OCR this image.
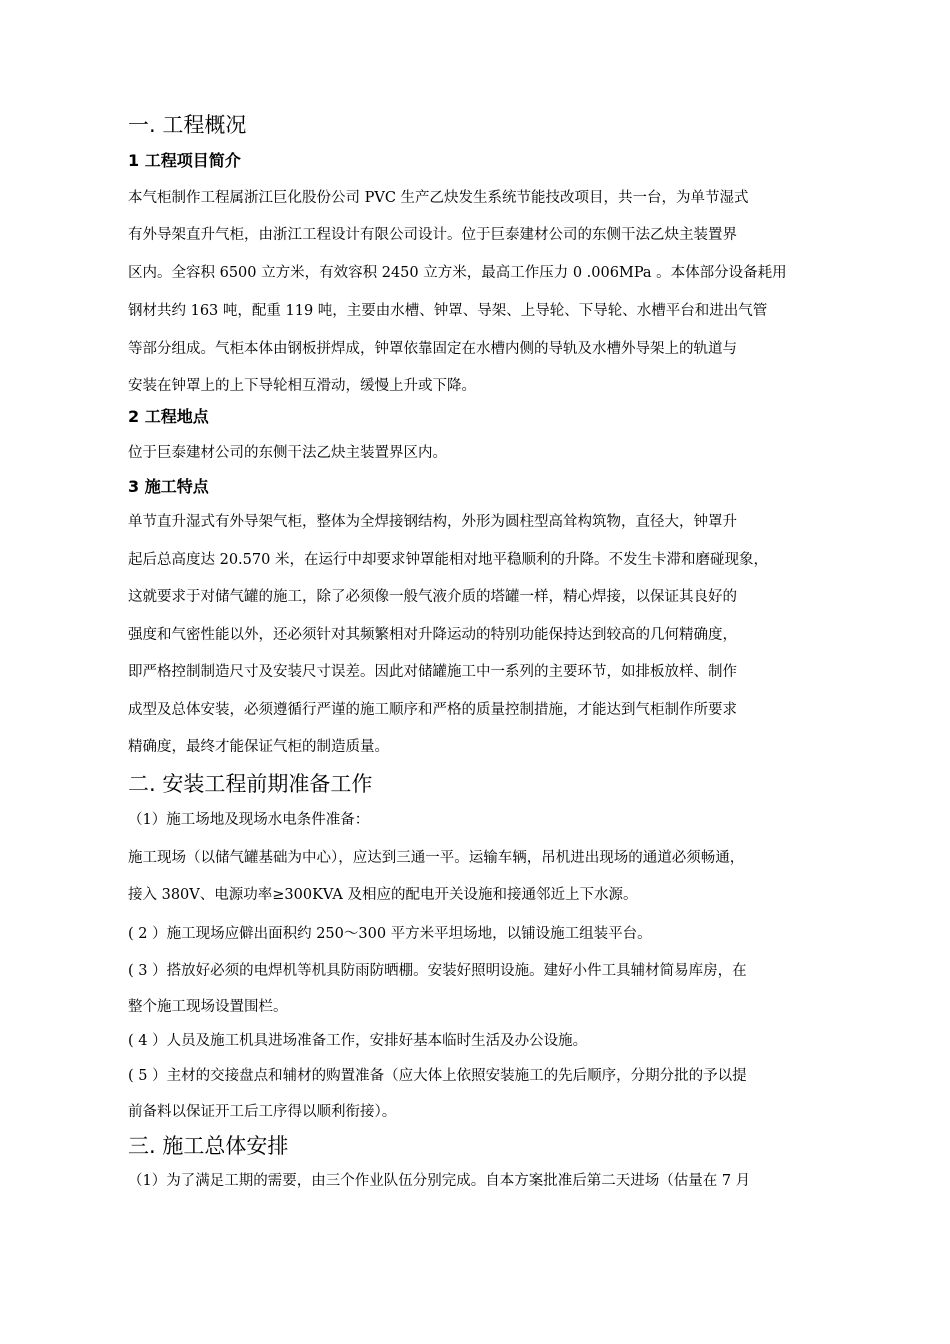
一. 工程概况
1 工程项目简介
本气柜制作工程属浙江巨化股份公司 PVC 生产乙炔发生系统节能技改项目，共一台，为单节湿式
有外导架直升气柜，由浙江工程设计有限公司设计。位于巨泰建材公司的东侧干法乙炔主装置界
区内。全容积 6500 立方米，有效容积 2450 立方米，最高工作压力 0 .006MPa 。本体部分设备耗用
钢材共约 163 吨，配重 119 吨，主要由水槽、钟罩、导架、上导轮、下导轮、水槽平台和进出气管
等部分组成。气柜本体由钢板拼焊成，钟罩依靠固定在水槽内侧的导轨及水槽外导架上的轨道与
安装在钟罩上的上下导轮相互滑动，缓慢上升或下降。
2 工程地点
位于巨泰建材公司的东侧干法乙炔主装置界区内。
3 施工特点
单节直升湿式有外导架气柜，整体为全焊接钢结构，外形为圆柱型高耸构筑物，直径大，钟罩升
起后总高度达 20.570 米，在运行中却要求钟罩能相对地平稳顺利的升降。不发生卡滞和磨碰现象，
这就要求于对储气罐的施工，除了必须像一般气液介质的塔罐一样，精心焊接，以保证其良好的
强度和气密性能以外，还必须针对其频繁相对升降运动的特别功能保持达到较高的几何精确度，
即严格控制制造尺寸及安装尺寸误差。因此对储罐施工中一系列的主要环节，如排板放样、制作
成型及总体安装，必须遵循行严谨的施工顺序和严格的质量控制措施，才能达到气柜制作所要求
精确度，最终才能保证气柜的制造质量。
二. 安装工程前期准备工作
（1）施工场地及现场水电条件准备：
施工现场（以储气罐基础为中心），应达到三通一平。运输车辆，吊机进出现场的通道必须畅通，
接入 380V、电源功率≥300KVA 及相应的配电开关设施和接通邻近上下水源。
( 2 ）施工现场应僻出面积约 250～300 平方米平坦场地，以铺设施工组装平台。
( 3 ）搭放好必须的电焊机等机具防雨防晒棚。安装好照明设施。建好小件工具辅材简易库房，在
整个施工现场设置围栏。
( 4 ）人员及施工机具进场准备工作，安排好基本临时生活及办公设施。
( 5 ）主材的交接盘点和辅材的购置准备（应大体上依照安装施工的先后顺序，分期分批的予以提
前备料以保证开工后工序得以顺利衔接）。
三. 施工总体安排
（1）为了满足工期的需要，由三个作业队伍分别完成。自本方案批准后第二天进场（估量在 7 月
